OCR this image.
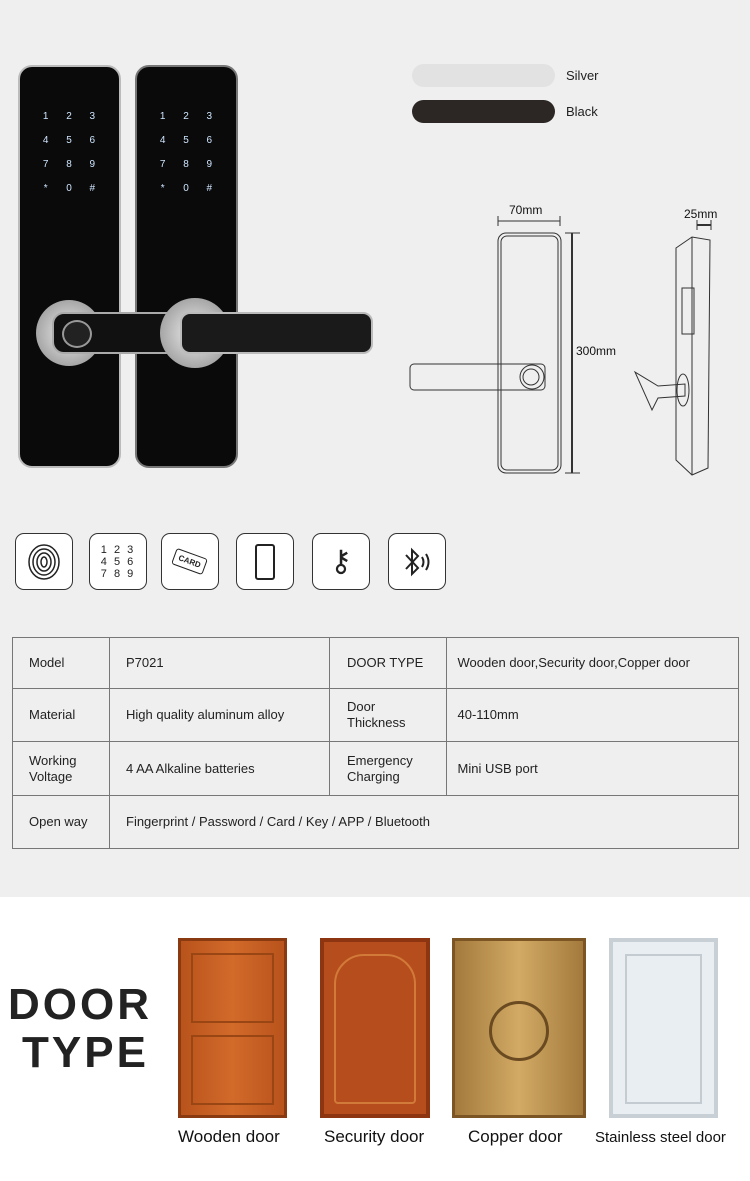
1	2	3
4	5	6
7	8	9
*	0	#
1	2	3
4	5	6
7	8	9
*	0	#
Silver
Black
70mm
300mm
25mm
1 2 3 4 5 6 7 8 9
CARD	⚷
Model	P7021	DOOR TYPE	Wooden door,Security door,Copper door
Material	High quality aluminum alloy	Door Thickness	40-110mm
Working Voltage	4 AA Alkaline batteries	Emergency Charging	Mini USB port
Open way	Fingerprint / Password / Card / Key / APP / Bluetooth		
DOOR
TYPE
Wooden door	Security door	Copper door Stainless steel door
